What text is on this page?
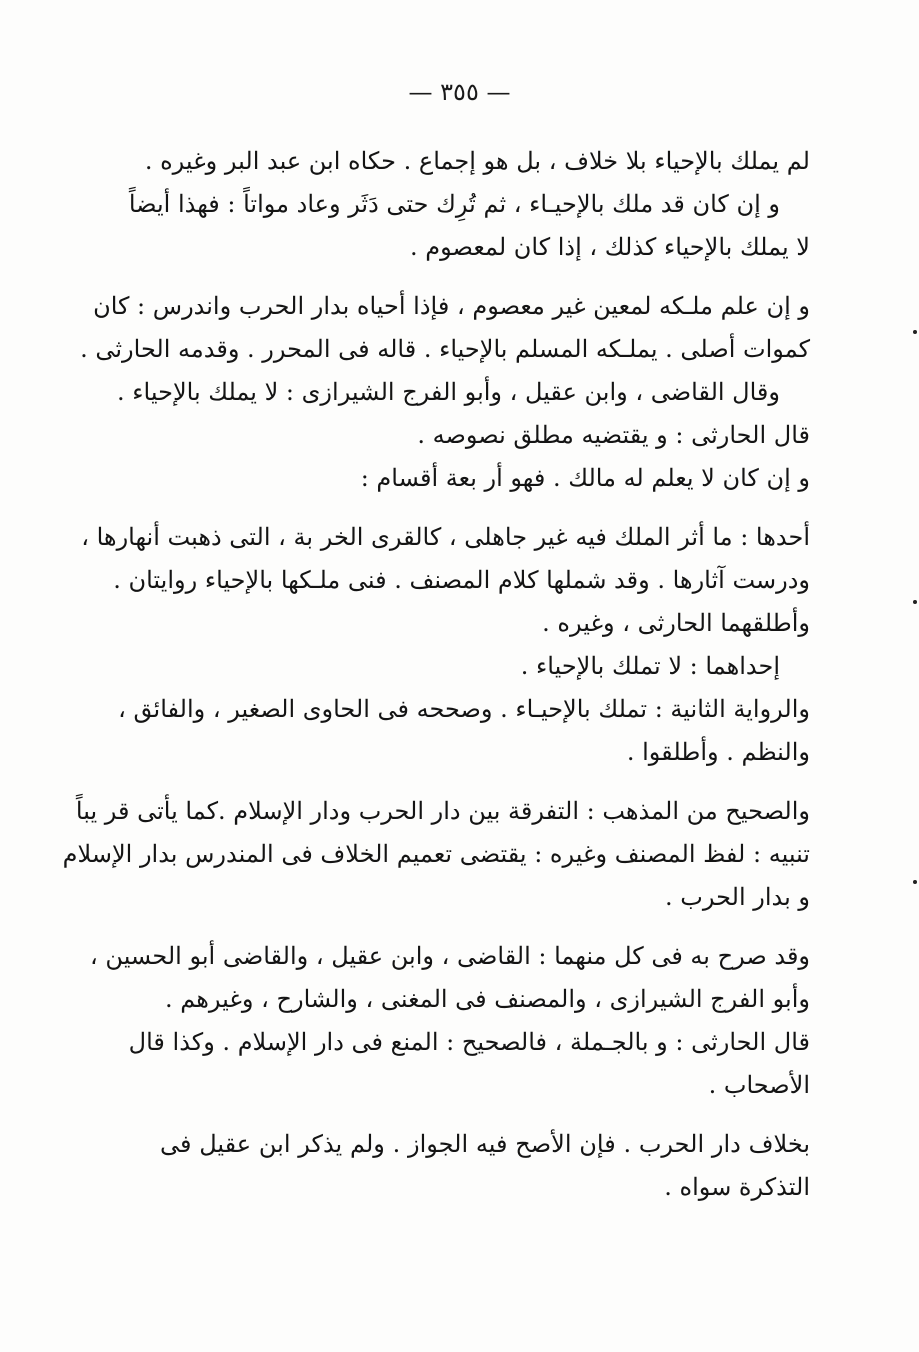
— ٣٥٥ —
لم يملك بالإحياء بلا خلاف ، بل هو إجماع . حكاه ابن عبد البر وغيره .
و إن كان قد ملك بالإحيـاء ، ثم تُرِك حتى دَثَر وعاد مواتاً : فهذا أيضاً
لا يملك بالإحياء كذلك ، إذا كان لمعصوم .
و إن علم ملـكه لمعين غير معصوم ، فإذا أحياه بدار الحرب واندرس : كان
كموات أصلى . يملـكه المسلم بالإحياء . قاله فى المحرر . وقدمه الحارثى .
وقال القاضى ، وابن عقيل ، وأبو الفرج الشيرازى : لا يملك بالإحياء .
قال الحارثى : و يقتضيه مطلق نصوصه .
و إن كان لا يعلم له مالك . فهو أر بعة أقسام :
أحدها : ما أثر الملك فيه غير جاهلى ، كالقرى الخر بة ، التى ذهبت أنهارها ،
ودرست آثارها . وقد شملها كلام المصنف . فنى ملـكها بالإحياء روايتان .
وأطلقهما الحارثى ، وغيره .
إحداهما : لا تملك بالإحياء .
والرواية الثانية : تملك بالإحيـاء . وصححه فى الحاوى الصغير ، والفائق ،
والنظم . وأطلقوا .
والصحيح من المذهب : التفرقة بين دار الحرب ودار الإسلام .كما يأتى قر يباً
تنبيه : لفظ المصنف وغيره : يقتضى تعميم الخلاف فى المندرس بدار الإسلام
و بدار الحرب .
وقد صرح به فى كل منهما : القاضى ، وابن عقيل ، والقاضى أبو الحسين ،
وأبو الفرج الشيرازى ، والمصنف فى المغنى ، والشارح ، وغيرهم .
قال الحارثى : و بالجـملة ، فالصحيح : المنع فى دار الإسلام . وكذا قال
الأصحاب .
بخلاف دار الحرب . فإن الأصح فيه الجواز . ولم يذكر ابن عقيل فى
التذكرة سواه .
